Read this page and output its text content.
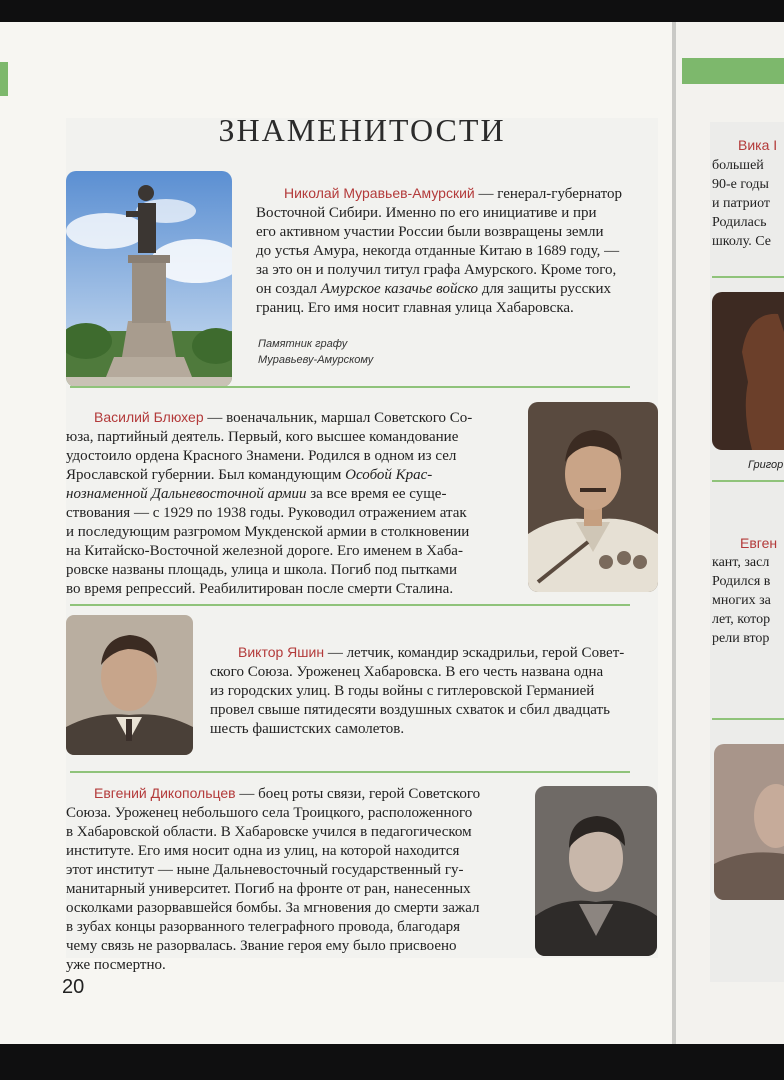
ЗНАМЕНИТОСТИ
Памятник графу
Муравьеву-Амурскому
Николай Муравьев-Амурский — генерал-губернатор
Восточной Сибири. Именно по его инициативе и при
его активном участии России были возвращены земли
до устья Амура, некогда отданные Китаю в 1689 году, —
за это он и получил титул графа Амурского. Кроме того,
он создал Амурское казачье войско для защиты русских
границ. Его имя носит главная улица Хабаровска.
Василий Блюхер — военачальник, маршал Советского Со-
юза, партийный деятель. Первый, кого высшее командование
удостоило ордена Красного Знамени. Родился в одном из сел
Ярославской губернии. Был командующим Особой Крас-
нознаменной Дальневосточной армии за все время ее суще-
ствования — с 1929 по 1938 годы. Руководил отражением атак
и последующим разгромом Мукденской армии в столкновении
на Китайско-Восточной железной дороге. Его именем в Хаба-
ровске названы площадь, улица и школа. Погиб под пытками
во время репрессий. Реабилитирован после смерти Сталина.
Виктор Яшин — летчик, командир эскадрильи, герой Совет-
ского Союза. Уроженец Хабаровска. В его честь названа одна
из городских улиц. В годы войны с гитлеровской Германией
провел свыше пятидесяти воздушных схваток и сбил двадцать
шесть фашистских самолетов.
Евгений Дикопольцев — боец роты связи, герой Советского
Союза. Уроженец небольшого села Троицкого, расположенного
в Хабаровской области. В Хабаровске учился в педагогическом
институте. Его имя носит одна из улиц, на которой находится
этот институт — ныне Дальневосточный государственный гу-
манитарный университет. Погиб на фронте от ран, нанесенных
осколками разорвавшейся бомбы. За мгновения до смерти зажал
в зубах концы разорванного телеграфного провода, благодаря
чему связь не разорвалась. Звание героя ему было присвоено
уже посмертно.
20
Вика I
большей
90-е годы
и патриот
Родилась
школу. Се
Григор
Евген
кант, засл
Родился в
многих за
лет, котор
рели втор
